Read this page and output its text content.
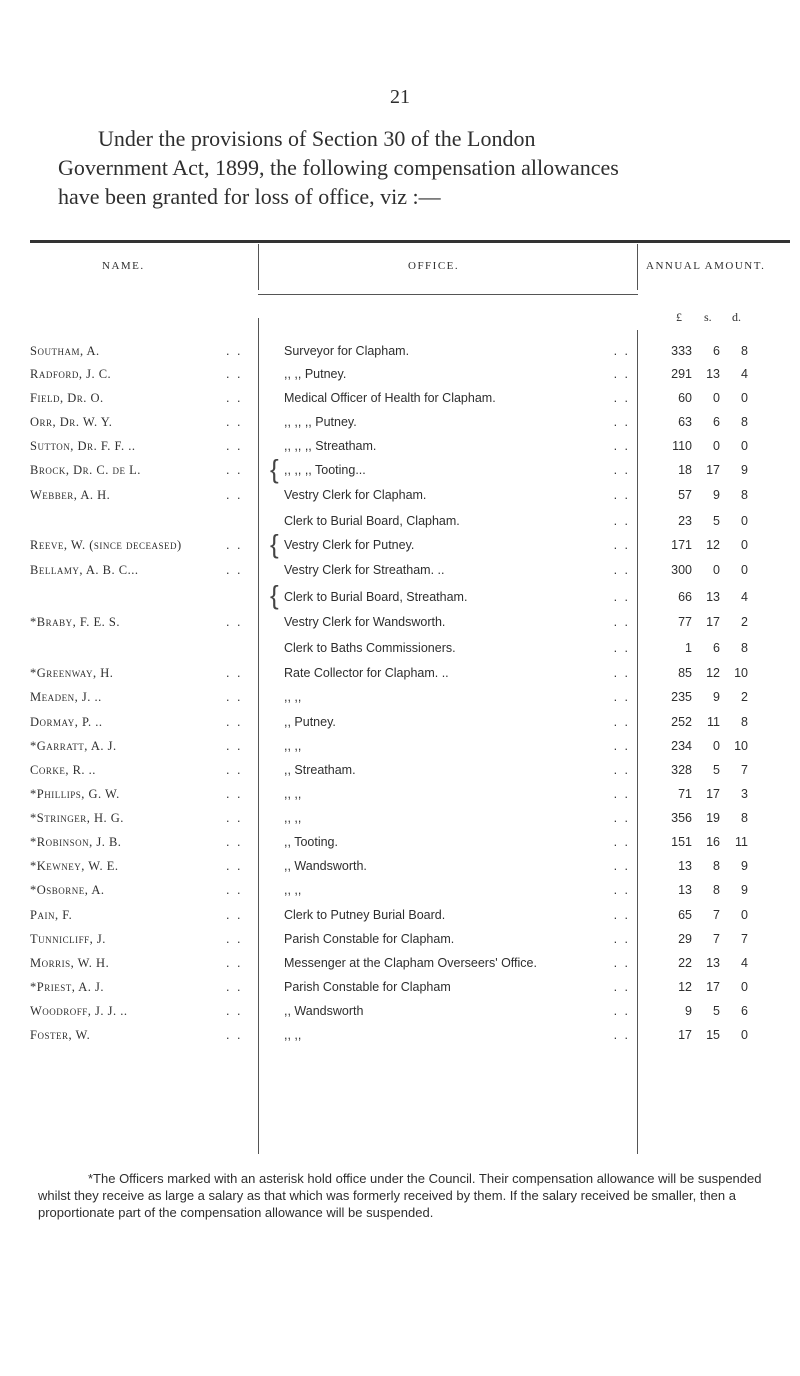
21

Under the provisions of Section 30 of the London
Government Act, 1899, the following compensation allowances
have been granted for loss of office, viz :—

NAME.	OFFICE.	ANNUAL AMOUNT.
£ s. d.
Southam, A.	Surveyor for Clapham.	333	6	8
. .	. .
Radford, J. C.	,, ,, Putney.	291	13	4
. .	. .
Field, Dr. O.	Medical Officer of Health for Clapham.	60	0	0
. .	. .
Orr, Dr. W. Y.	,, ,, ,, Putney.	63	6	8
. .	. .
Sutton, Dr. F. F. ..	,, ,, ,, Streatham.	110	0	0
. .	. .
Brock, Dr. C. de L.	,, ,, ,, Tooting...	18	17	9
. .	. .
Webber, A. H.	Vestry Clerk for Clapham.	57	9	8
. .	. .
Clerk to Burial Board, Clapham.	23	5	0
. .
Reeve, W. (since deceased)	Vestry Clerk for Putney.	171	12	0
. .	. .
Bellamy, A. B. C...	Vestry Clerk for Streatham. ..	300	0	0
. .	. .
Clerk to Burial Board, Streatham.	66	13	4
. .
*Braby, F. E. S.	Vestry Clerk for Wandsworth.	77	17	2
. .	. .
Clerk to Baths Commissioners.	1	6	8
. .
*Greenway, H.	Rate Collector for Clapham. ..	85	12	10
. .	. .
Meaden, J. ..	,, ,,	235	9	2
. .	. .
Dormay, P. ..	,, Putney.	252	11	8
. .	. .
*Garratt, A. J.	,, ,,	234	0	10
. .	. .
Corke, R. ..	,, Streatham.	328	5	7
. .	. .
*Phillips, G. W.	,, ,,	71	17	3
. .	. .
*Stringer, H. G.	,, ,,	356	19	8
. .	. .
*Robinson, J. B.	,, Tooting.	151	16	11
. .	. .
*Kewney, W. E.	,, Wandsworth.	13	8	9
. .	. .
*Osborne, A.	,, ,,	13	8	9
. .	. .
Pain, F.	Clerk to Putney Burial Board.	65	7	0
. .	. .
Tunnicliff, J.	Parish Constable for Clapham.	29	7	7
. .	. .
Morris, W. H.	Messenger at the Clapham Overseers' Office.	22	13	4
. .	. .
*Priest, A. J.	Parish Constable for Clapham	12	17	0
. .	. .
Woodroff, J. J. ..	,, Wandsworth	9	5	6
. .	. .
Foster, W.	,, ,,	17	15	0
. .	. .
{
{
{

*The Officers marked with an asterisk hold office under the Council. Their compensation allowance will be suspended whilst they receive as large a salary as that which was formerly received by them. If the salary received be smaller, then a proportionate part of the compensation allowance will be suspended.
